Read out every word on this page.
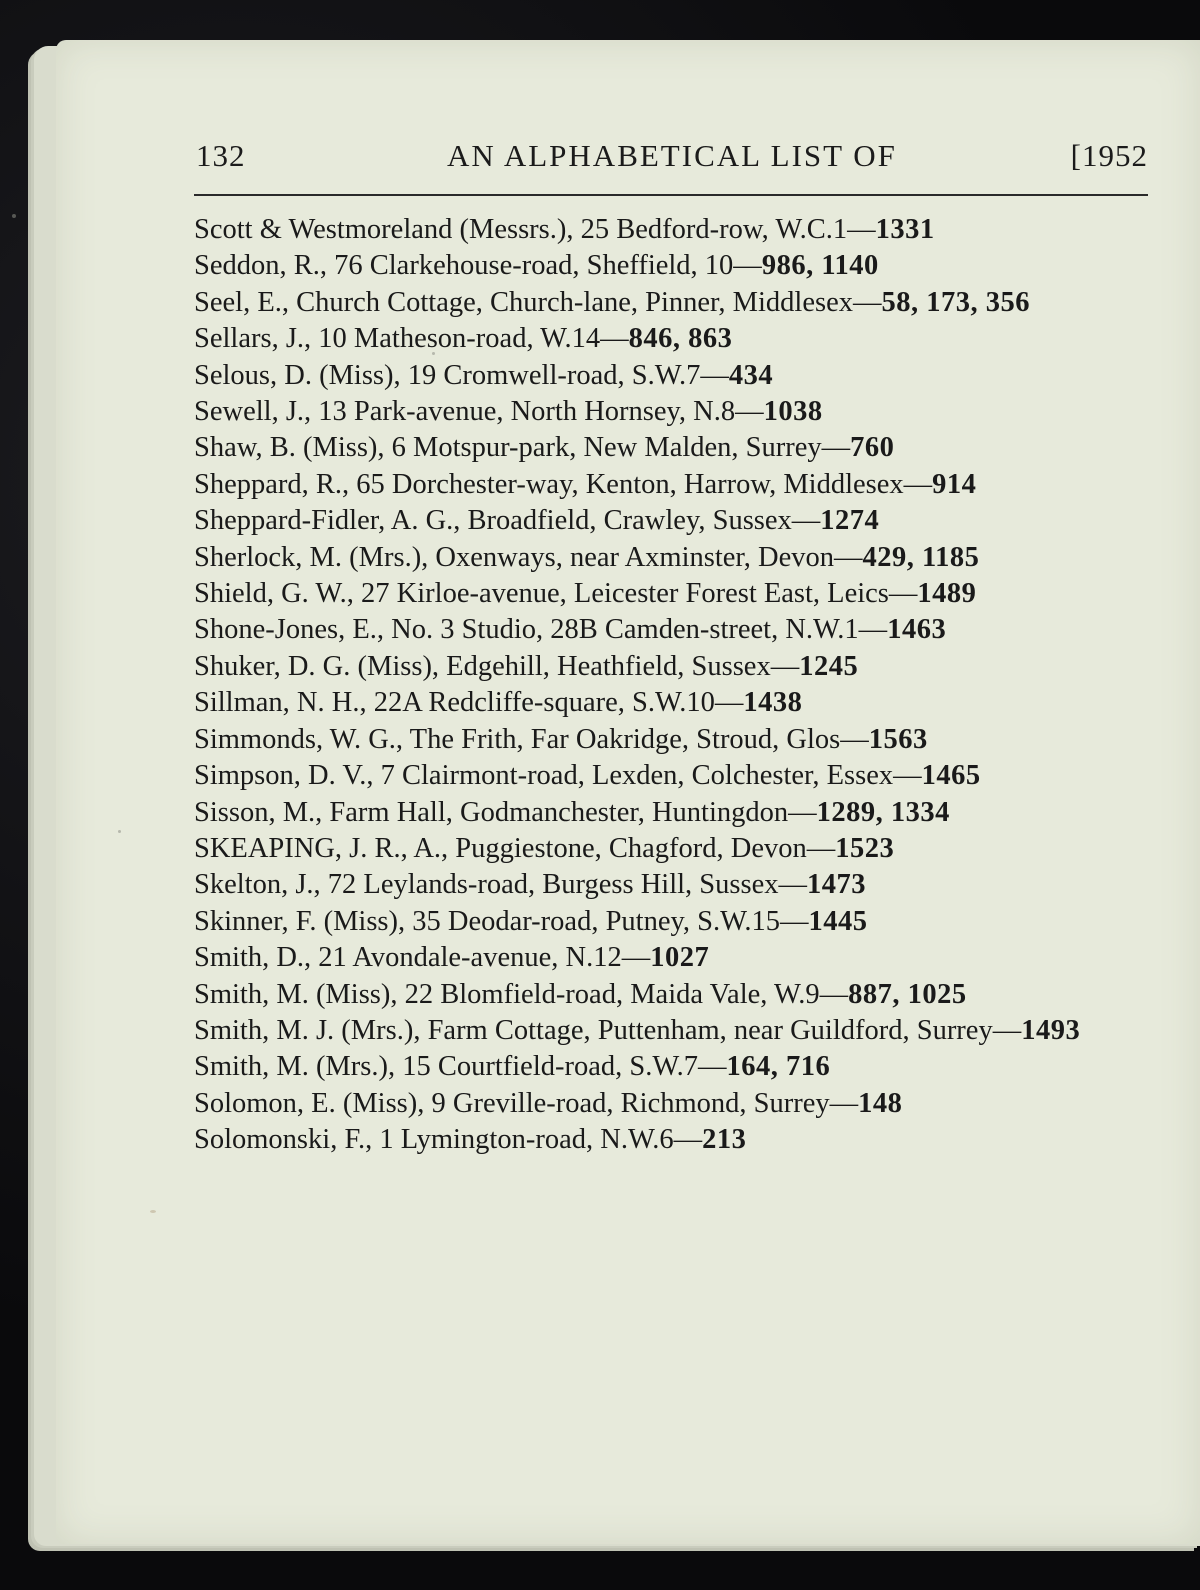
132	AN ALPHABETICAL LIST OF	[1952
Scott & Westmoreland (Messrs.), 25 Bedford-row, W.C.1—1331
Seddon, R., 76 Clarkehouse-road, Sheffield, 10—986, 1140
Seel, E., Church Cottage, Church-lane, Pinner, Middlesex—58, 173, 356
Sellars, J., 10 Matheson-road, W.14—846, 863
Selous, D. (Miss), 19 Cromwell-road, S.W.7—434
Sewell, J., 13 Park-avenue, North Hornsey, N.8—1038
Shaw, B. (Miss), 6 Motspur-park, New Malden, Surrey—760
Sheppard, R., 65 Dorchester-way, Kenton, Harrow, Middlesex—914
Sheppard-Fidler, A. G., Broadfield, Crawley, Sussex—1274
Sherlock, M. (Mrs.), Oxenways, near Axminster, Devon—429, 1185
Shield, G. W., 27 Kirloe-avenue, Leicester Forest East, Leics—1489
Shone-Jones, E., No. 3 Studio, 28B Camden-street, N.W.1—1463
Shuker, D. G. (Miss), Edgehill, Heathfield, Sussex—1245
Sillman, N. H., 22A Redcliffe-square, S.W.10—1438
Simmonds, W. G., The Frith, Far Oakridge, Stroud, Glos—1563
Simpson, D. V., 7 Clairmont-road, Lexden, Colchester, Essex—1465
Sisson, M., Farm Hall, Godmanchester, Huntingdon—1289, 1334
SKEAPING, J. R., A., Puggiestone, Chagford, Devon—1523
Skelton, J., 72 Leylands-road, Burgess Hill, Sussex—1473
Skinner, F. (Miss), 35 Deodar-road, Putney, S.W.15—1445
Smith, D., 21 Avondale-avenue, N.12—1027
Smith, M. (Miss), 22 Blomfield-road, Maida Vale, W.9—887, 1025
Smith, M. J. (Mrs.), Farm Cottage, Puttenham, near Guildford, Surrey—1493
Smith, M. (Mrs.), 15 Courtfield-road, S.W.7—164, 716
Solomon, E. (Miss), 9 Greville-road, Richmond, Surrey—148
Solomonski, F., 1 Lymington-road, N.W.6—213
